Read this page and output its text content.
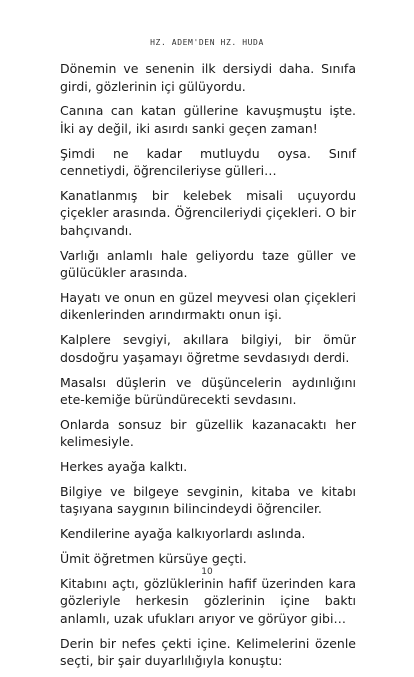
HZ. ADEM'DEN HZ. HUDA

Dönemin ve senenin ilk dersiydi daha. Sınıfa girdi, gözlerinin içi gülüyordu.

Canına can katan güllerine kavuşmuştu işte. İki ay değil, iki asırdı sanki geçen zaman!

Şimdi ne kadar mutluydu oysa. Sınıf cennetiydi, öğrencileriyse gülleri…

Kanatlanmış bir kelebek misali uçuyordu çiçekler arasında. Öğrencileriydi çiçekleri. O bir bahçıvandı.

Varlığı anlamlı hale geliyordu taze güller ve gülücükler arasında.

Hayatı ve onun en güzel meyvesi olan çiçekleri dikenlerinden arındırmaktı onun işi.

Kalplere sevgiyi, akıllara bilgiyi, bir ömür dosdoğru yaşamayı öğretme sevdasıydı derdi.

Masalsı düşlerin ve düşüncelerin aydınlığını ete-kemiğe büründürecekti sevdasını.

Onlarda sonsuz bir güzellik kazanacaktı her kelimesiyle.

Herkes ayağa kalktı.

Bilgiye ve bilgeye sevginin, kitaba ve kitabı taşıyana saygının bilincindeydi öğrenciler.

Kendilerine ayağa kalkıyorlardı aslında.

Ümit öğretmen kürsüye geçti.

Kitabını açtı, gözlüklerinin hafif üzerinden kara gözleriyle herkesin gözlerinin içine baktı anlamlı, uzak ufukları arıyor ve görüyor gibi…

Derin bir nefes çekti içine. Kelimelerini özenle seçti, bir şair duyarlılığıyla konuştu:

10
